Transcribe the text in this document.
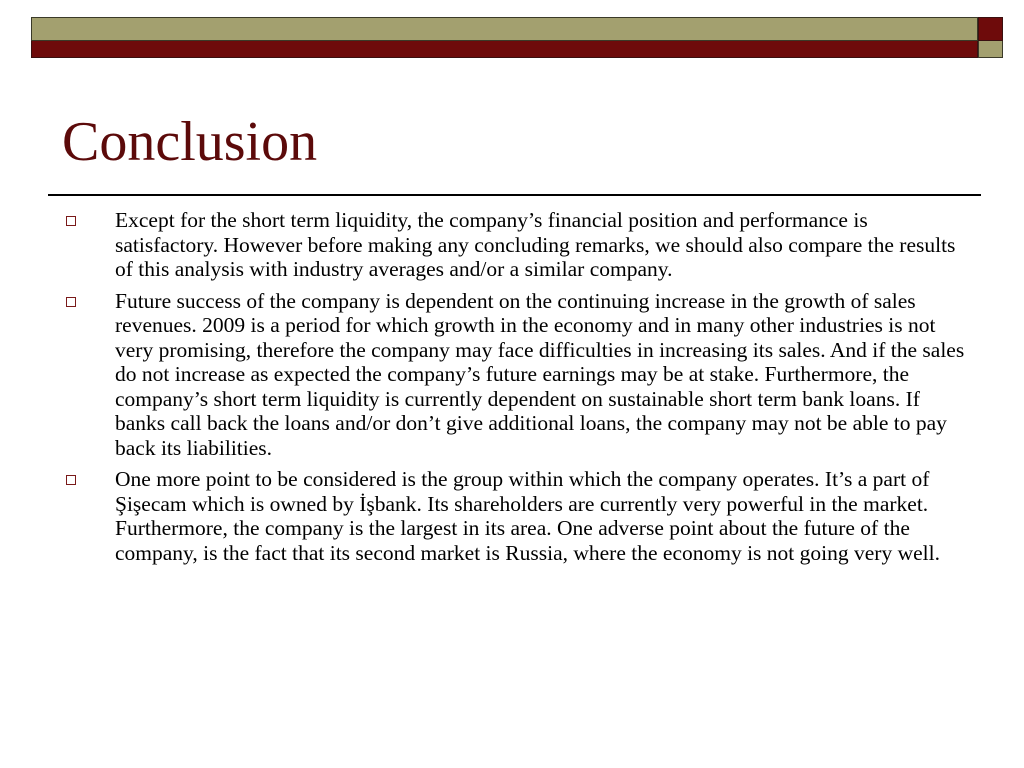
Conclusion
Except for the short term liquidity, the company’s financial position and performance is satisfactory. However before making any concluding remarks, we should also compare the results of this analysis with industry averages and/or a similar company.
Future success of the company is dependent on the continuing increase in the growth of sales revenues. 2009 is a period for which growth in the economy and in many other industries is not very promising, therefore the company may face difficulties in increasing its sales. And if the sales do not increase as expected the company’s future earnings may be at stake. Furthermore, the company’s short term liquidity is currently dependent on sustainable short term bank loans. If banks call back the loans and/or don’t give additional loans, the company may not be able to pay back its liabilities.
One more point to be considered is the group within which the company operates. It’s a part of Şişecam which is owned by İşbank. Its shareholders are currently very powerful in the market. Furthermore, the company is the largest in its area. One adverse point about the future of the company, is the fact that its second market is Russia, where the economy is not going very well.
